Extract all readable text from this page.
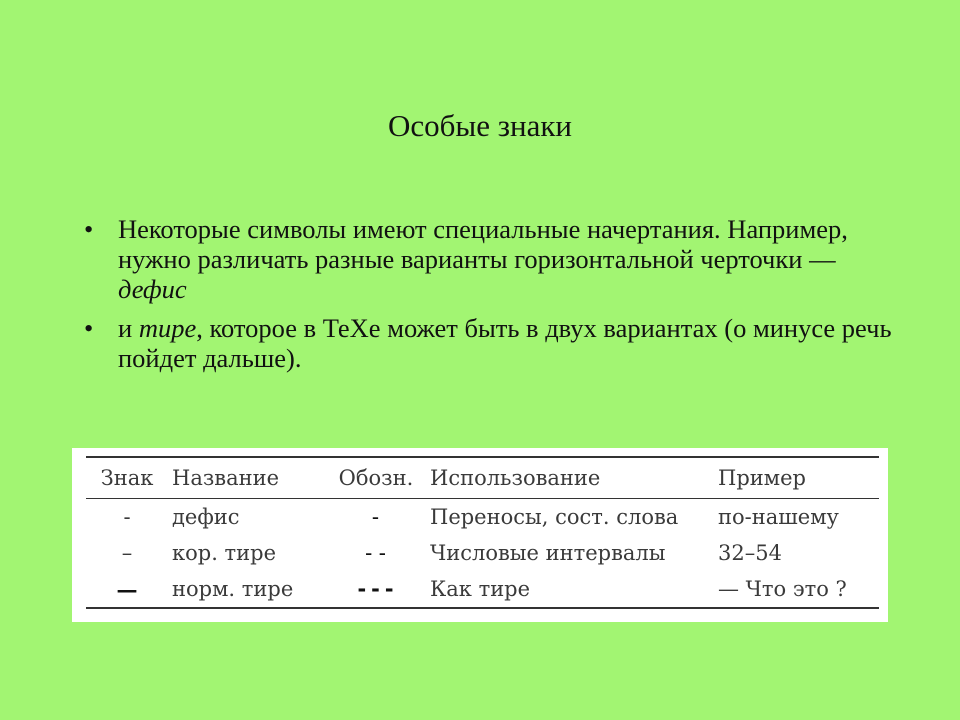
Особые знаки
• Некоторые символы имеют специальные начертания. Например, нужно различать разные варианты горизонтальной черточки — дефис
• и тире, которое в ТеХе может быть в двух вариантах (о минусе речь пойдет дальше).
Знак	Название	Обозн.	Использование	Пример
-	дефис	-	Переносы, сост. слова	по-нашему
–	кор. тире	--	Числовые интервалы	32–54
—	норм. тире	---	Как тире	— Что это ?
